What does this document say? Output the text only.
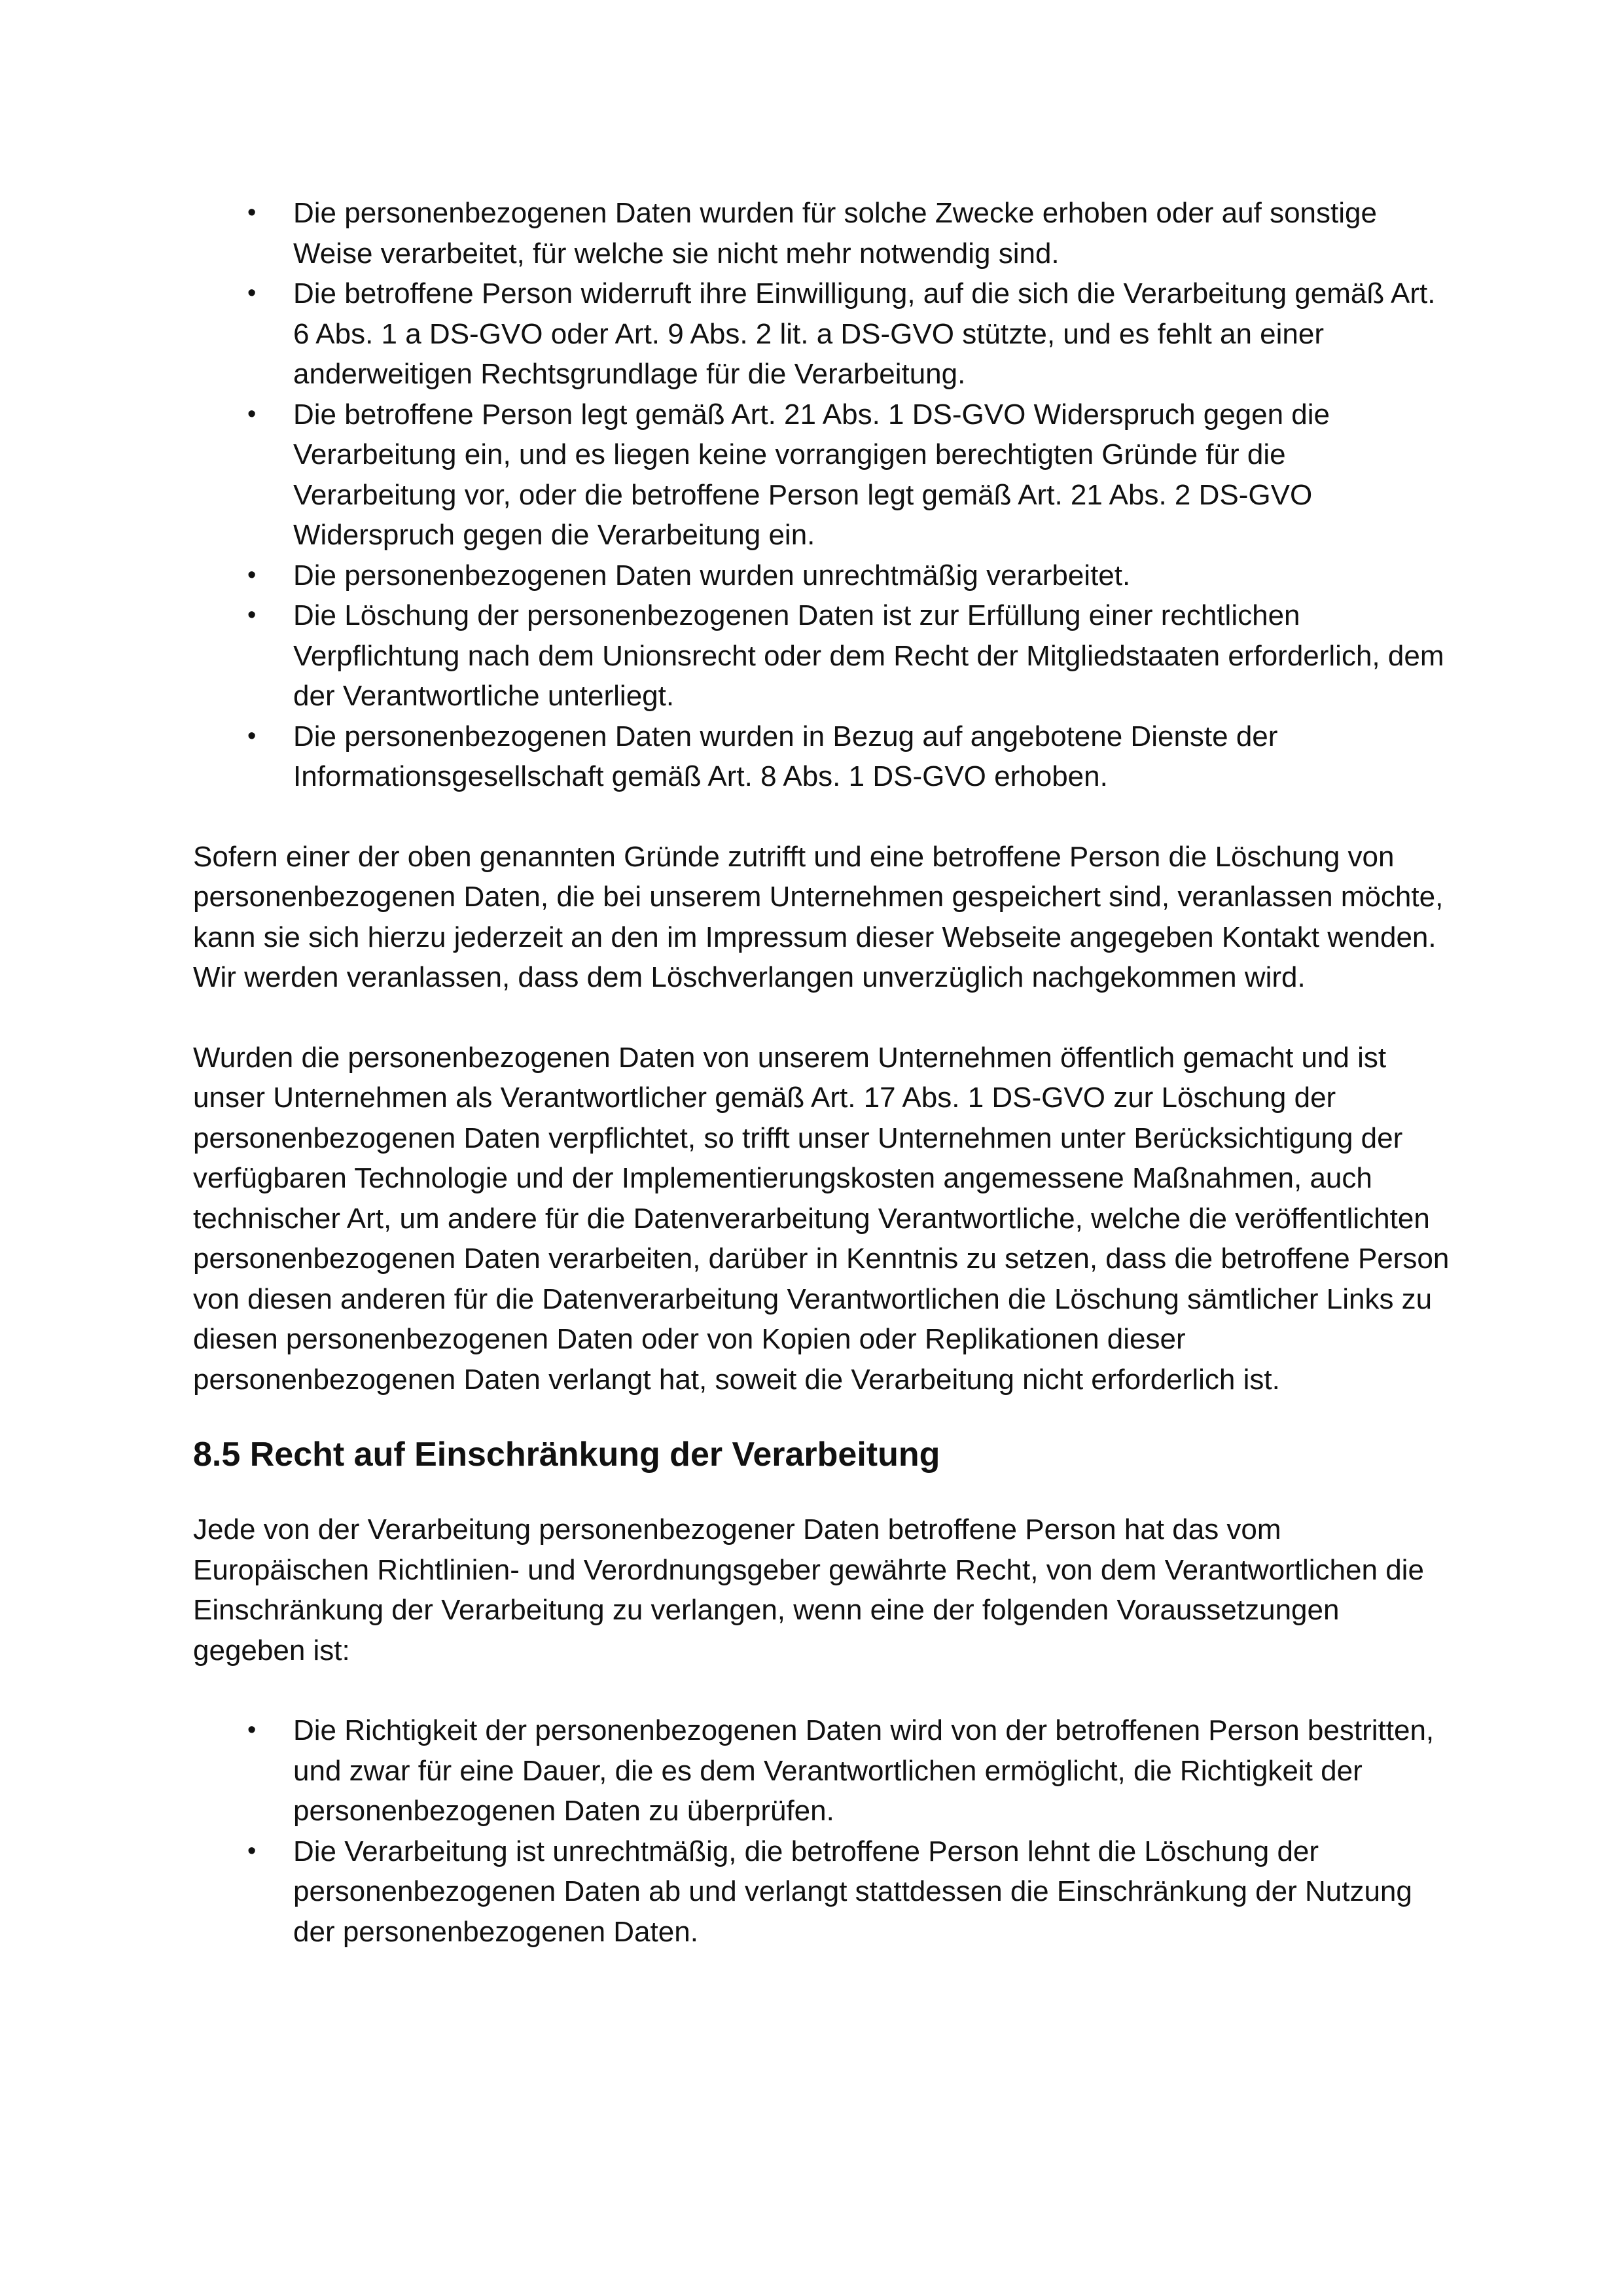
•	Die personenbezogenen Daten wurden für solche Zwecke erhoben oder auf sonstige Weise verarbeitet, für welche sie nicht mehr notwendig sind.
•	Die betroffene Person widerruft ihre Einwilligung, auf die sich die Verarbeitung gemäß Art. 6 Abs. 1 a DS-GVO oder Art. 9 Abs. 2 lit. a DS-GVO stützte, und es fehlt an einer anderweitigen Rechtsgrundlage für die Verarbeitung.
•	Die betroffene Person legt gemäß Art. 21 Abs. 1 DS-GVO Widerspruch gegen die Verarbeitung ein, und es liegen keine vorrangigen berechtigten Gründe für die Verarbeitung vor, oder die betroffene Person legt gemäß Art. 21 Abs. 2 DS-GVO Widerspruch gegen die Verarbeitung ein.
•	Die personenbezogenen Daten wurden unrechtmäßig verarbeitet.
•	Die Löschung der personenbezogenen Daten ist zur Erfüllung einer rechtlichen Verpflichtung nach dem Unionsrecht oder dem Recht der Mitgliedstaaten erforderlich, dem der Verantwortliche unterliegt.
•	Die personenbezogenen Daten wurden in Bezug auf angebotene Dienste der Informationsgesellschaft gemäß Art. 8 Abs. 1 DS-GVO erhoben.

Sofern einer der oben genannten Gründe zutrifft und eine betroffene Person die Löschung von personenbezogenen Daten, die bei unserem Unternehmen gespeichert sind, veranlassen möchte, kann sie sich hierzu jederzeit an den im Impressum dieser Webseite angegeben Kontakt wenden. Wir werden veranlassen, dass dem Löschverlangen unverzüglich nachgekommen wird.

Wurden die personenbezogenen Daten von unserem Unternehmen öffentlich gemacht und ist unser Unternehmen als Verantwortlicher gemäß Art. 17 Abs. 1 DS-GVO zur Löschung der personenbezogenen Daten verpflichtet, so trifft unser Unternehmen unter Berücksichtigung der verfügbaren Technologie und der Implementierungskosten angemessene Maßnahmen, auch technischer Art, um andere für die Datenverarbeitung Verantwortliche, welche die veröffentlichten personenbezogenen Daten verarbeiten, darüber in Kenntnis zu setzen, dass die betroffene Person von diesen anderen für die Datenverarbeitung Verantwortlichen die Löschung sämtlicher Links zu diesen personenbezogenen Daten oder von Kopien oder Replikationen dieser personenbezogenen Daten verlangt hat, soweit die Verarbeitung nicht erforderlich ist.

8.5 Recht auf Einschränkung der Verarbeitung

Jede von der Verarbeitung personenbezogener Daten betroffene Person hat das vom Europäischen Richtlinien- und Verordnungsgeber gewährte Recht, von dem Verantwortlichen die Einschränkung der Verarbeitung zu verlangen, wenn eine der folgenden Voraussetzungen gegeben ist:

•	Die Richtigkeit der personenbezogenen Daten wird von der betroffenen Person bestritten, und zwar für eine Dauer, die es dem Verantwortlichen ermöglicht, die Richtigkeit der personenbezogenen Daten zu überprüfen.
•	Die Verarbeitung ist unrechtmäßig, die betroffene Person lehnt die Löschung der personenbezogenen Daten ab und verlangt stattdessen die Einschränkung der Nutzung der personenbezogenen Daten.
